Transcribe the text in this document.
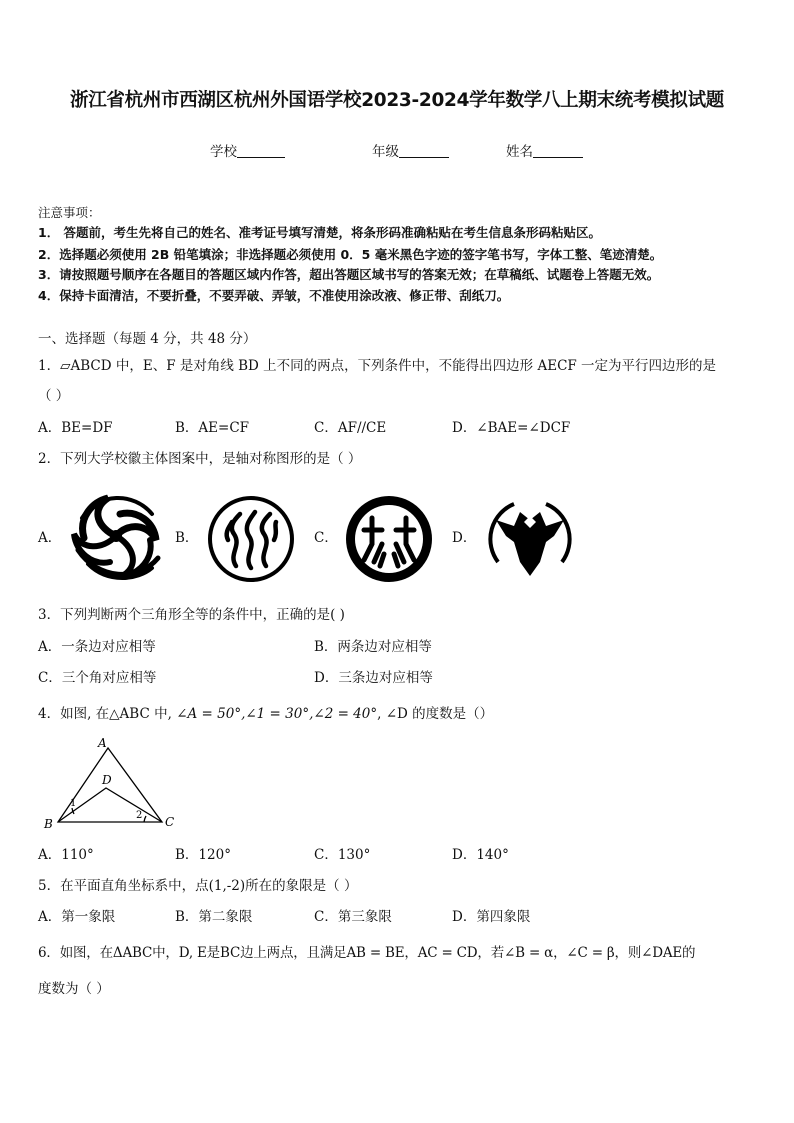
浙江省杭州市西湖区杭州外国语学校2023-2024学年数学八上期末统考模拟试题
学校	年级	姓名
注意事项：
1． 答题前，考生先将自己的姓名、准考证号填写清楚，将条形码准确粘贴在考生信息条形码粘贴区。
2．选择题必须使用 2B 铅笔填涂；非选择题必须使用 0．5 毫米黑色字迹的签字笔书写，字体工整、笔迹清楚。
3．请按照题号顺序在各题目的答题区域内作答，超出答题区域书写的答案无效；在草稿纸、试题卷上答题无效。
4．保持卡面清洁，不要折叠，不要弄破、弄皱，不准使用涂改液、修正带、刮纸刀。
一、选择题（每题 4 分，共 48 分）
1．▱ABCD 中，E、F 是对角线 BD 上不同的两点，下列条件中，不能得出四边形 AECF 一定为平行四边形的是
（ ）
A．BE=DF	B．AE=CF	C．AF//CE	D．∠BAE=∠DCF
2．下列大学校徽主体图案中，是轴对称图形的是（ ）
A．	B．	C．	D．
3．下列判断两个三角形全等的条件中，正确的是( )
A．一条边对应相等	B．两条边对应相等
C．三个角对应相等	D．三条边对应相等
4．如图, 在△ABC 中, ∠A = 50°,∠1 = 30°,∠2 = 40°, ∠D 的度数是（）
A
B	C
D
1
2
A．110°	B．120°	C．130°	D．140°
5．在平面直角坐标系中，点(1,-2)所在的象限是（ ）
A．第一象限	B．第二象限	C．第三象限	D．第四象限
6．如图，在ΔABC中，D, E是BC边上两点，且满足AB = BE，AC = CD，若∠B = α，∠C = β，则∠DAE的
度数为（ ）
